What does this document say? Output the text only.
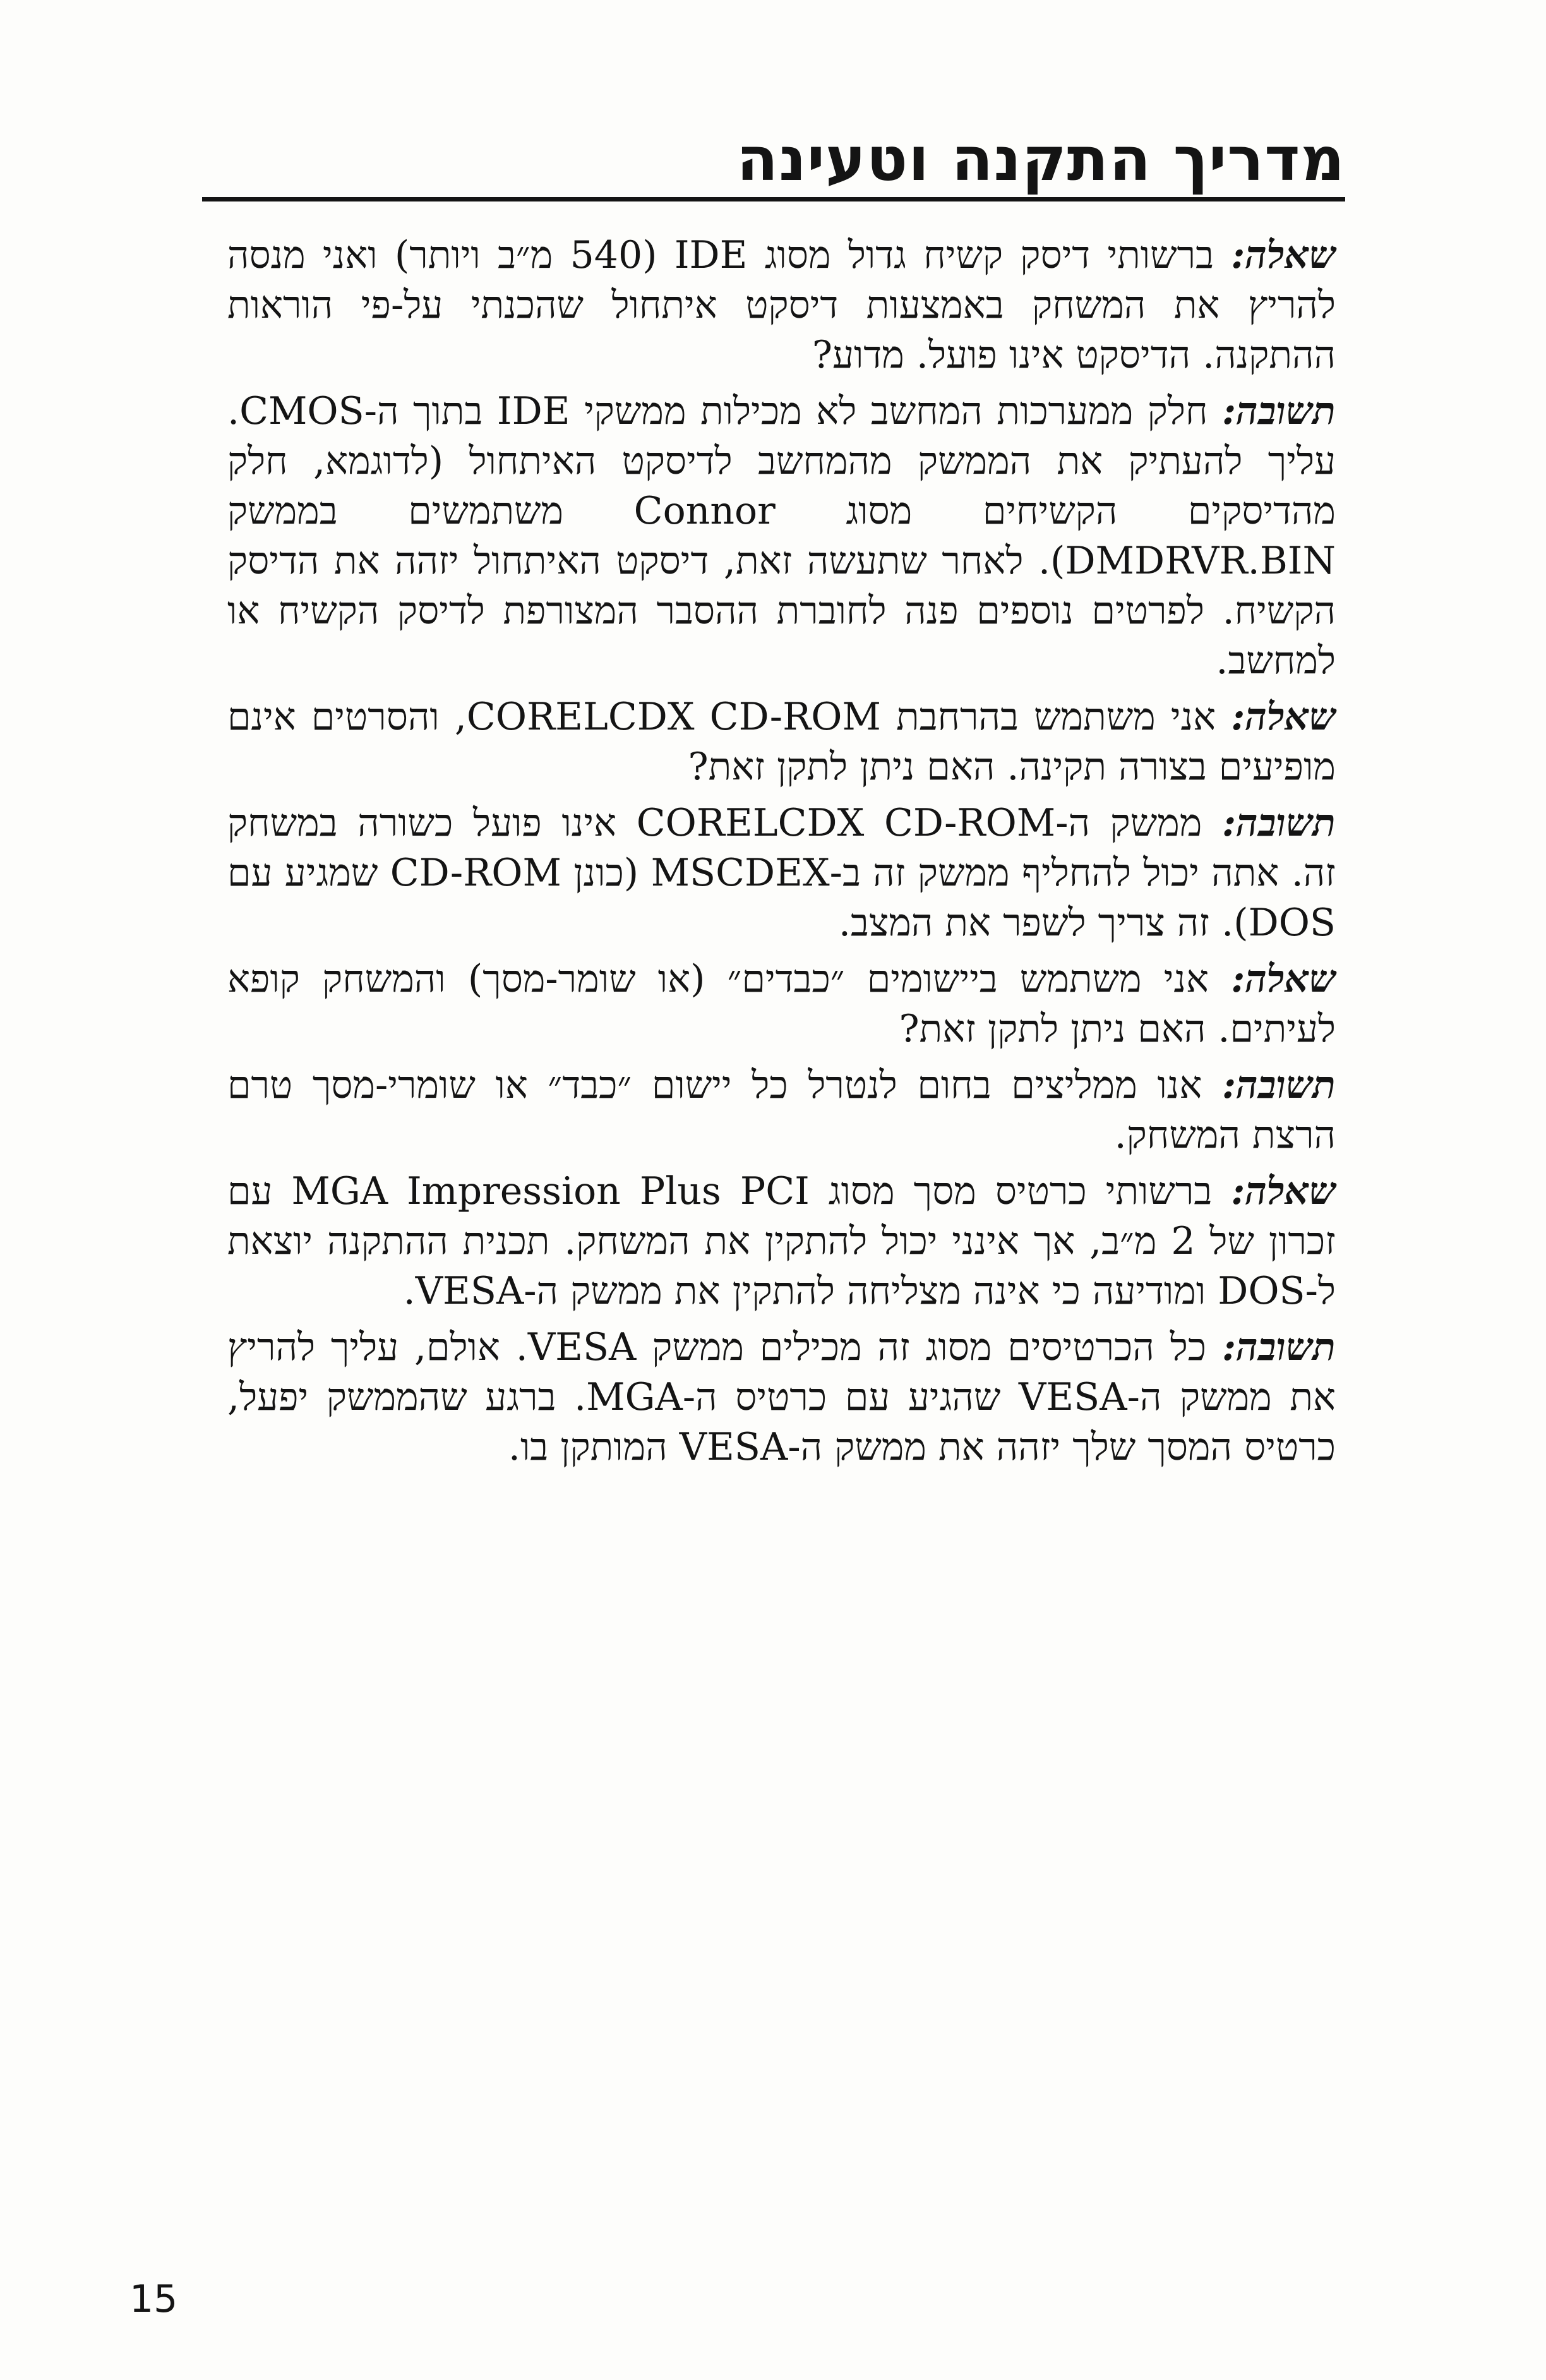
מדריך התקנה וטעינה

שאלה: ברשותי דיסק קשיח גדול מסוג IDE (540 מ״ב ויותר) ואני מנסה להריץ את המשחק באמצעות דיסקט איתחול שהכנתי על-פי הוראות ההתקנה. הדיסקט אינו פועל. מדוע?

תשובה: חלק ממערכות המחשב לא מכילות ממשקי IDE בתוך ה-CMOS. עליך להעתיק את הממשק מהמחשב לדיסקט האיתחול (לדוגמא, חלק מהדיסקים הקשיחים מסוג Connor משתמשים בממשק DMDRVR.BIN). לאחר שתעשה זאת, דיסקט האיתחול יזהה את הדיסק הקשיח. לפרטים נוספים פנה לחוברת ההסבר המצורפת לדיסק הקשיח או למחשב.

שאלה: אני משתמש בהרחבת CORELCDX CD-ROM, והסרטים אינם מופיעים בצורה תקינה. האם ניתן לתקן זאת?

תשובה: ממשק ה-CORELCDX CD-ROM אינו פועל כשורה במשחק זה. אתה יכול להחליף ממשק זה ב-MSCDEX (כונן CD-ROM שמגיע עם DOS). זה צריך לשפר את המצב.

שאלה: אני משתמש ביישומים ״כבדים״ (או שומר-מסך) והמשחק קופא לעיתים. האם ניתן לתקן זאת?

תשובה: אנו ממליצים בחום לנטרל כל יישום ״כבד״ או שומרי-מסך טרם הרצת המשחק.

שאלה: ברשותי כרטיס מסך מסוג MGA Impression Plus PCI עם זכרון של 2 מ״ב, אך אינני יכול להתקין את המשחק. תכנית ההתקנה יוצאת ל-DOS ומודיעה כי אינה מצליחה להתקין את ממשק ה-VESA.

תשובה: כל הכרטיסים מסוג זה מכילים ממשק VESA. אולם, עליך להריץ את ממשק ה-VESA שהגיע עם כרטיס ה-MGA. ברגע שהממשק יפעל, כרטיס המסך שלך יזהה את ממשק ה-VESA המותקן בו.

15
